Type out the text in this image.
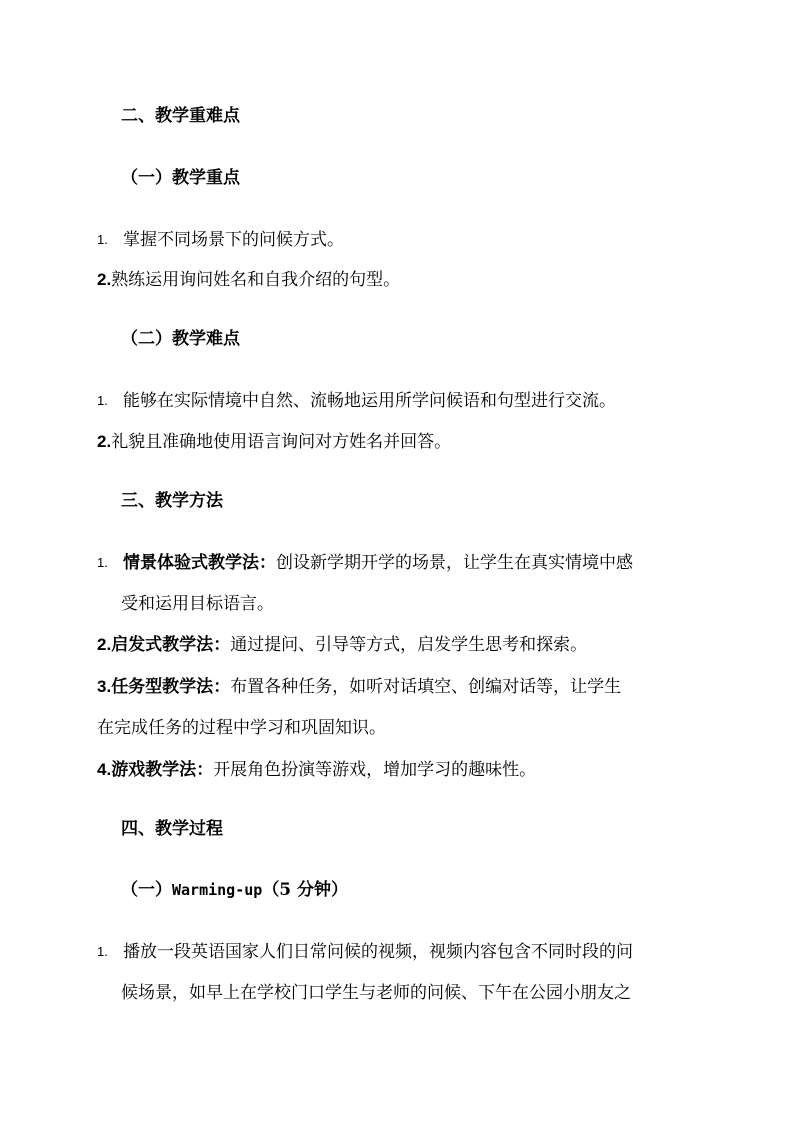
二、教学重难点
（一）教学重点
1. 掌握不同场景下的问候方式。
2.熟练运用询问姓名和自我介绍的句型。
（二）教学难点
1. 能够在实际情境中自然、流畅地运用所学问候语和句型进行交流。
2.礼貌且准确地使用语言询问对方姓名并回答。
三、教学方法
1. 情景体验式教学法：创设新学期开学的场景，让学生在真实情境中感
受和运用目标语言。
2.启发式教学法：通过提问、引导等方式，启发学生思考和探索。
3.任务型教学法：布置各种任务，如听对话填空、创编对话等，让学生
在完成任务的过程中学习和巩固知识。
4.游戏教学法：开展角色扮演等游戏，增加学习的趣味性。
四、教学过程
（一）Warming-up（5 分钟）
1. 播放一段英语国家人们日常问候的视频，视频内容包含不同时段的问
候场景，如早上在学校门口学生与老师的问候、下午在公园小朋友之
